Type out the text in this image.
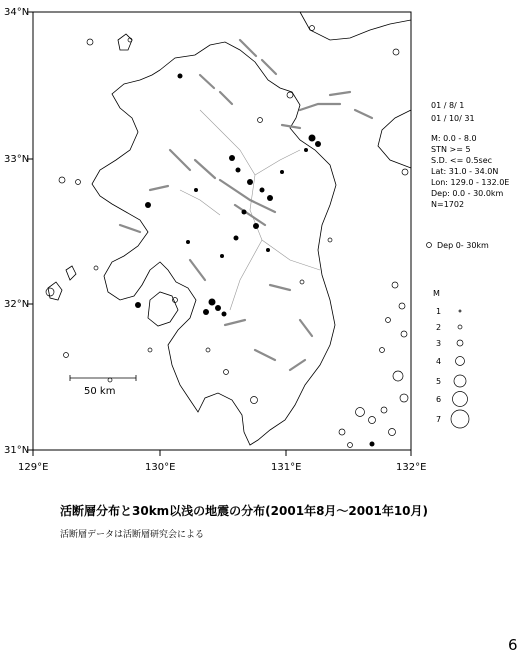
34°N
33°N
32°N
31°N
129°E	130°E	131°E	132°E
50 km
01 / 8/ 1
01 / 10/ 31
M: 0.0 - 8.0
STN >= 5
S.D. <= 0.5sec
Lat: 31.0 - 34.0N
Lon: 129.0 - 132.0E
Dep: 0.0 - 30.0km
N=1702
Dep 0- 30km
M
1
2
3
4
5
6
7
活断層分布と30km以浅の地震の分布(2001年8月～2001年10月)
活断層データは活断層研究会による
6
